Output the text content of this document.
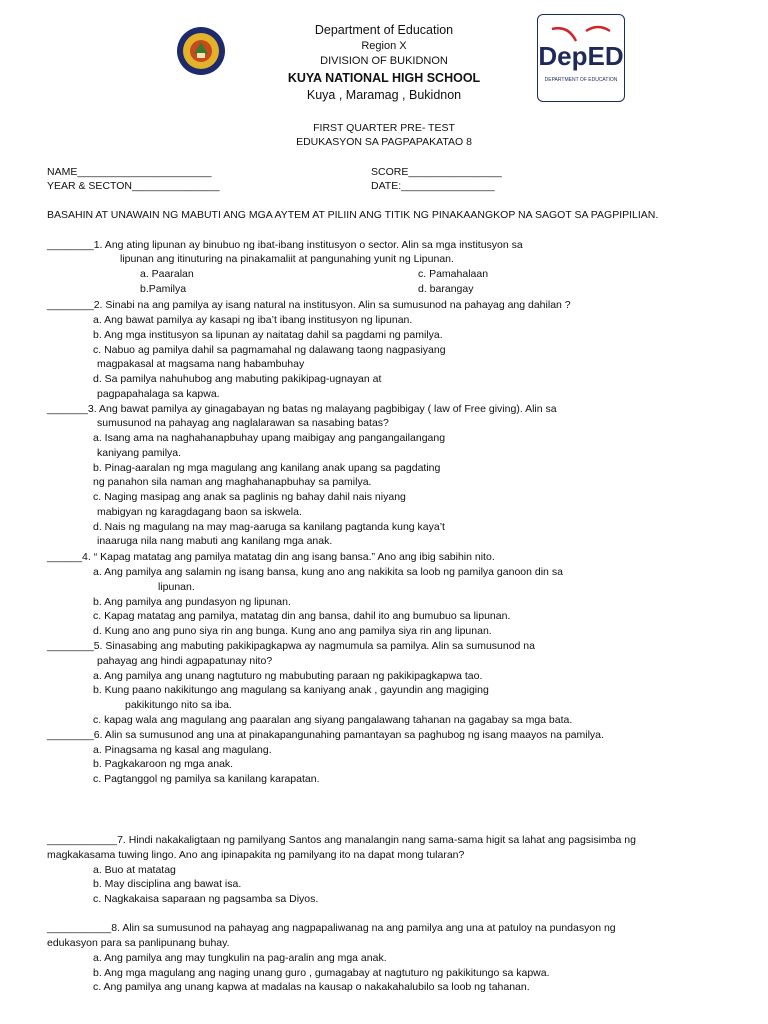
DepED
DEPARTMENT OF EDUCATION
Department of Education
Region X
DIVISION OF BUKIDNON
KUYA NATIONAL HIGH SCHOOL
Kuya , Maramag , Bukidnon
FIRST QUARTER PRE- TEST
EDUKASYON SA PAGPAPAKATAO 8
NAME_______________________
YEAR & SECTON_______________
SCORE________________
DATE:________________
BASAHIN AT UNAWAIN NG MABUTI ANG MGA AYTEM AT PILIIN ANG TITIK NG PINAKAANGKOP NA SAGOT SA PAGPIPILIAN.
________1. Ang ating lipunan ay binubuo ng ibat-ibang institusyon o sector. Alin sa mga institusyon sa
lipunan ang itinuturing na pinakamaliit at pangunahing yunit ng Lipunan.
a. Paaralan
b.Pamilya
c. Pamahalaan
d. barangay
________2. Sinabi na ang pamilya ay isang natural na institusyon. Alin sa sumusunod na pahayag ang dahilan ?
a. Ang bawat pamilya ay kasapi ng iba’t ibang institusyon ng lipunan.
b. Ang mga institusyon sa lipunan ay naitatag dahil sa pagdami ng pamilya.
c. Nabuo ag pamilya dahil sa pagmamahal ng dalawang taong nagpasiyang
magpakasal at magsama nang habambuhay
d. Sa pamilya nahuhubog ang mabuting pakikipag-ugnayan at
pagpapahalaga sa kapwa.
_______3. Ang bawat pamilya ay ginagabayan ng batas ng malayang pagbibigay ( law of Free giving). Alin sa
sumusunod na pahayag ang naglalarawan sa nasabing batas?
a. Isang ama na naghahanapbuhay upang maibigay ang pangangailangang
kaniyang pamilya.
b. Pinag-aaralan ng mga magulang ang kanilang anak upang sa pagdating
ng panahon sila naman ang maghahanapbuhay sa pamilya.
c. Naging masipag ang anak sa paglinis ng bahay dahil nais niyang
mabigyan ng karagdagang baon sa iskwela.
d. Nais ng magulang na may mag-aaruga sa kanilang pagtanda kung kaya’t
inaaruga nila nang mabuti ang kanilang mga anak.
______4. “ Kapag matatag ang pamilya matatag din ang isang bansa.” Ano ang ibig sabihin nito.
a. Ang pamilya ang salamin ng isang bansa, kung ano ang nakikita sa loob ng pamilya ganoon din sa
lipunan.
b. Ang pamilya ang pundasyon ng lipunan.
c. Kapag matatag ang pamilya, matatag din ang bansa, dahil ito ang bumubuo sa lipunan.
d. Kung ano ang puno siya rin ang bunga. Kung ano ang pamilya siya rin ang lipunan.
________5. Sinasabing ang mabuting pakikipagkapwa ay nagmumula sa pamilya. Alin sa sumusunod na
pahayag ang hindi agpapatunay nito?
a. Ang pamilya ang unang nagtuturo ng mabubuting paraan ng pakikipagkapwa tao.
b. Kung paano nakikitungo ang magulang sa kaniyang anak , gayundin ang magiging
pakikitungo nito sa iba.
c. kapag wala ang magulang ang paaralan ang siyang pangalawang tahanan na gagabay sa mga bata.
________6. Alin sa sumusunod ang una at pinakapangunahing pamantayan sa paghubog ng isang maayos na pamilya.
a. Pinagsama ng kasal ang magulang.
b. Pagkakaroon ng mga anak.
c. Pagtanggol ng pamilya sa kanilang karapatan.
____________7. Hindi nakakaligtaan ng pamilyang Santos ang manalangin nang sama-sama higit sa lahat ang pagsisimba ng
magkakasama tuwing lingo. Ano ang ipinapakita ng pamilyang ito na dapat mong tularan?
a. Buo at matatag
b. May disciplina ang bawat isa.
c. Nagkakaisa saparaan ng pagsamba sa Diyos.
___________8. Alin sa sumusunod na pahayag ang nagpapaliwanag na ang pamilya ang una at patuloy na pundasyon ng
edukasyon para sa panlipunang buhay.
a. Ang pamilya ang may tungkulin na pag-aralin ang mga anak.
b. Ang mga magulang ang naging unang guro , gumagabay at nagtuturo ng pakikitungo sa kapwa.
c. Ang pamilya ang unang kapwa at madalas na kausap o nakakahalubilo sa loob ng tahanan.
